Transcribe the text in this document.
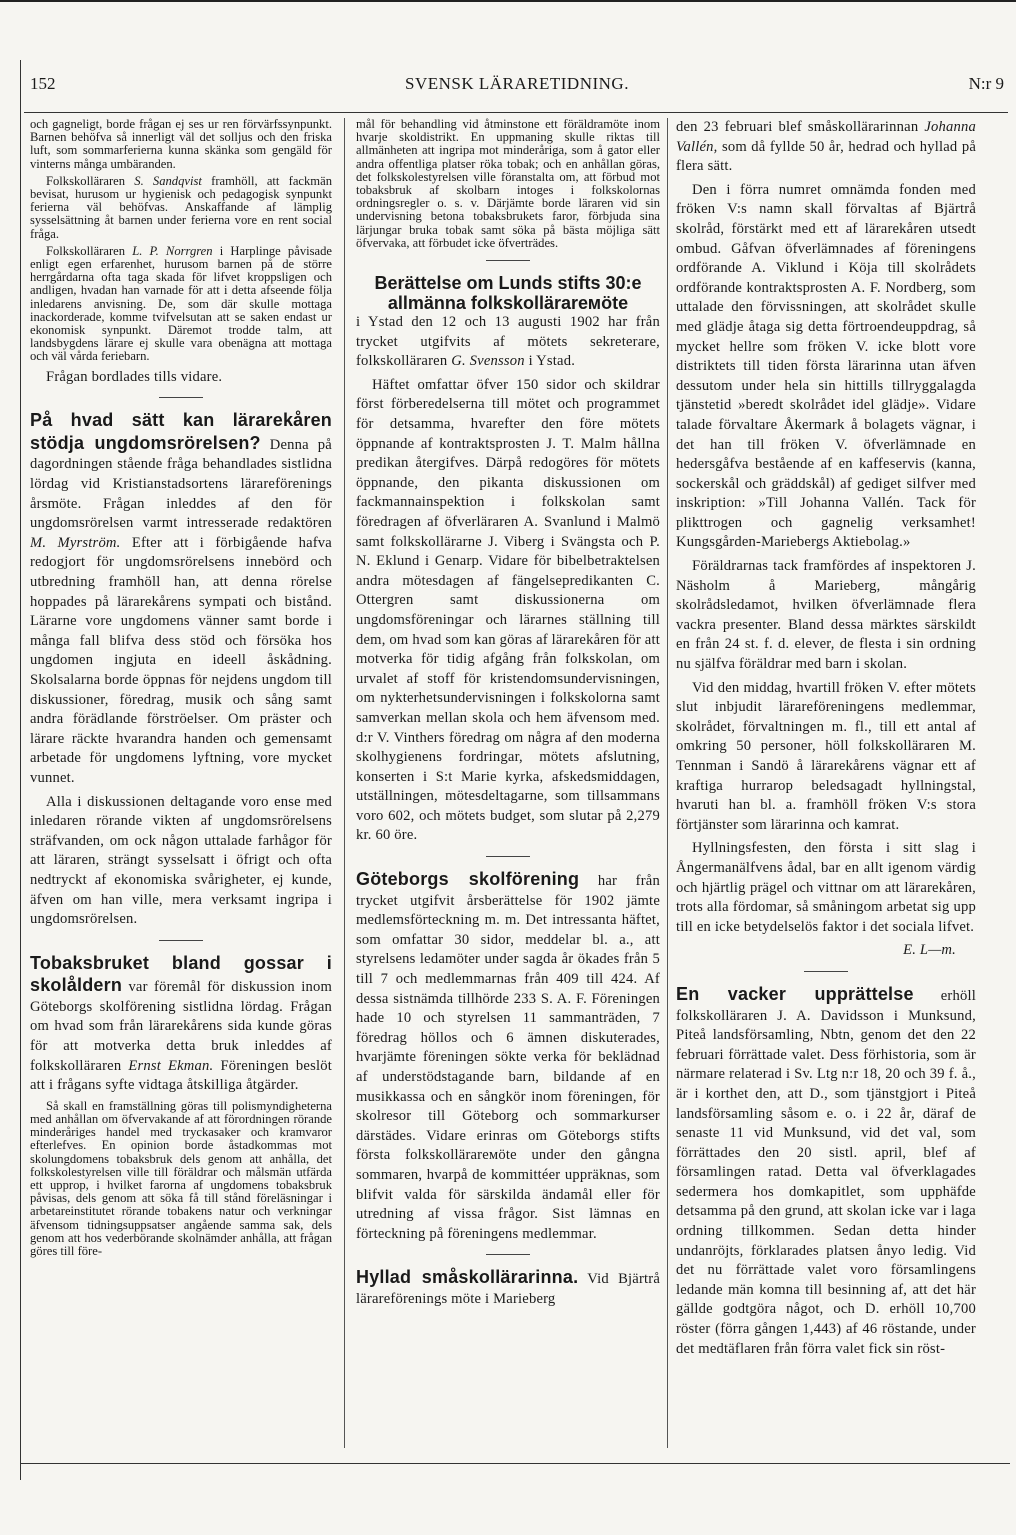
152	SVENSK LÄRARETIDNING.	N:r 9

och gagneligt, borde frågan ej ses ur ren förvärfssynpunkt. Barnen behöfva så innerligt väl det solljus och den friska luft, som sommarferierna kunna skänka som gengäld för vinterns många umbäranden.

Folkskolläraren S. Sandqvist framhöll, att fackmän bevisat, hurusom ur hygienisk och pedagogisk synpunkt ferierna väl behöfvas. Anskaffande af lämplig sysselsättning åt barnen under ferierna vore en rent social fråga.

Folkskolläraren L. P. Norrgren i Harplinge påvisade enligt egen erfarenhet, hurusom barnen på de större herrgårdarna ofta taga skada för lifvet kroppsligen och andligen, hvadan han varnade för att i detta afseende följa inledarens anvisning. De, som där skulle mottaga inackorderade, komme tvifvelsutan att se saken endast ur ekonomisk synpunkt. Däremot trodde talm, att landsbygdens lärare ej skulle vara obenägna att mottaga och väl vårda feriebarn.

Frågan bordlades tills vidare.

På hvad sätt kan lärarekåren stödja ungdomsrörelsen? Denna på dagordningen stående fråga behandlades sistlidna lördag vid Kristianstadsortens lärareförenings årsmöte. Frågan inleddes af den för ungdomsrörelsen varmt intresserade redaktören M. Myrström. Efter att i förbigående hafva redogjort för ungdomsrörelsens innebörd och utbredning framhöll han, att denna rörelse hoppades på lärarekårens sympati och bistånd. Lärarne vore ungdomens vänner samt borde i många fall blifva dess stöd och försöka hos ungdomen ingjuta en ideell åskådning. Skolsalarna borde öppnas för nejdens ungdom till diskussioner, föredrag, musik och sång samt andra förädlande förströelser. Om präster och lärare räckte hvarandra handen och gemensamt arbetade för ungdomens lyftning, vore mycket vunnet.

Alla i diskussionen deltagande voro ense med inledaren rörande vikten af ungdomsrörelsens sträfvanden, om ock någon uttalade farhågor för att läraren, strängt sysselsatt i öfrigt och ofta nedtryckt af ekonomiska svårigheter, ej kunde, äfven om han ville, mera verksamt ingripa i ungdomsrörelsen.

Tobaksbruket bland gossar i skolåldern var föremål för diskussion inom Göteborgs skolförening sistlidna lördag. Frågan om hvad som från lärarekårens sida kunde göras för att motverka detta bruk inleddes af folkskolläraren Ernst Ekman. Föreningen beslöt att i frågans syfte vidtaga åtskilliga åtgärder.

Så skall en framställning göras till polismyndigheterna med anhållan om öfvervakande af att förordningen rörande minderåriges handel med tryckasaker och kramvaror efterlefves. En opinion borde åstadkommas mot skolungdomens tobaksbruk dels genom att anhålla, det folkskolestyrelsen ville till föräldrar och målsmän utfärda ett upprop, i hvilket farorna af ungdomens tobaksbruk påvisas, dels genom att söka få till stånd föreläsningar i arbetareinstitutet rörande tobakens natur och verkningar äfvensom tidningsuppsatser angående samma sak, dels genom att hos vederbörande skolnämder anhålla, att frågan göres till före-

mål för behandling vid åtminstone ett föräldramöte inom hvarje skoldistrikt. En uppmaning skulle riktas till allmänheten att ingripa mot minderåriga, som å gator eller andra offentliga platser röka tobak; och en anhållan göras, det folkskolestyrelsen ville föranstalta om, att förbud mot tobaksbruk af skolbarn intoges i folkskolornas ordningsregler o. s. v. Därjämte borde läraren vid sin undervisning betona tobaksbrukets faror, förbjuda sina lärjungar bruka tobak samt söka på bästa möjliga sätt öfvervaka, att förbudet icke öfverträdes.

Berättelse om Lunds stifts 30:e allmänna folkskollärarемöte

i Ystad den 12 och 13 augusti 1902 har från trycket utgifvits af mötets sekreterare, folkskolläraren G. Svensson i Ystad.

Häftet omfattar öfver 150 sidor och skildrar först förberedelserna till mötet och programmet för detsamma, hvarefter den före mötets öppnande af kontraktsprosten J. T. Malm hållna predikan återgifves. Därpå redogöres för mötets öppnande, den pikanta diskussionen om fackmannainspektion i folkskolan samt föredragen af öfverläraren A. Svanlund i Malmö samt folkskollärarne J. Viberg i Svängsta och P. N. Eklund i Genarp. Vidare för bibelbetraktelsen andra mötesdagen af fängelsepredikanten C. Ottergren samt diskussionerna om ungdomsföreningar och lärarnes ställning till dem, om hvad som kan göras af lärarekåren för att motverka för tidig afgång från folkskolan, om urvalet af stoff för kristendomsundervisningen, om nykterhetsundervisningen i folkskolorna samt samverkan mellan skola och hem äfvensom med. d:r V. Vinthers föredrag om några af den moderna skolhygienens fordringar, mötets afslutning, konserten i S:t Marie kyrka, afskedsmiddagen, utställningen, mötesdeltagarne, som tillsammans voro 602, och mötets budget, som slutar på 2,279 kr. 60 öre.

Göteborgs skolförening har från trycket utgifvit årsberättelse för 1902 jämte medlemsförteckning m. m. Det intressanta häftet, som omfattar 30 sidor, meddelar bl. a., att styrelsens ledamöter under sagda år ökades från 5 till 7 och medlemmarnas från 409 till 424. Af dessa sistnämda tillhörde 233 S. A. F. Föreningen hade 10 och styrelsen 11 sammanträden, 7 föredrag höllos och 6 ämnen diskuterades, hvarjämte föreningen sökte verka för beklädnad af understödstagande barn, bildande af en musikkassa och en sångkör inom föreningen, för skolresor till Göteborg och sommarkurser därstädes. Vidare erinras om Göteborgs stifts första folkskollärarемöte under den gångna sommaren, hvarpå de kommittéer uppräknas, som blifvit valda för särskilda ändamål eller för utredning af vissa frågor. Sist lämnas en förteckning på föreningens medlemmar.

Hyllad småskollärarinna. Vid Bjärtrå lärareförenings möte i Marieberg

den 23 februari blef småskollärarinnan Johanna Vallén, som då fyllde 50 år, hedrad och hyllad på flera sätt.

Den i förra numret omnämda fonden med fröken V:s namn skall förvaltas af Bjärtrå skolråd, förstärkt med ett af lärarekåren utsedt ombud. Gåfvan öfverlämnades af föreningens ordförande A. Viklund i Köja till skolrådets ordförande kontraktsprosten A. F. Nordberg, som uttalade den förvissningen, att skolrådet skulle med glädje åtaga sig detta förtroendeuppdrag, så mycket hellre som fröken V. icke blott vore distriktets till tiden första lärarinna utan äfven dessutom under hela sin hittills tillryggalagda tjänstetid »beredt skolrådet idel glädje». Vidare talade förvaltare Åkermark å bolagets vägnar, i det han till fröken V. öfverlämnade en hedersgåfva bestående af en kaffeservis (kanna, sockerskål och gräddskål) af gediget silfver med inskription: »Till Johanna Vallén. Tack för plikttrogen och gagnelig verksamhet! Kungsgården-Mariebergs Aktiebolag.»

Föräldrarnas tack framfördes af inspektoren J. Näsholm å Marieberg, mångårig skolrådsledamot, hvilken öfverlämnade flera vackra presenter. Bland dessa märktes särskildt en från 24 st. f. d. elever, de flesta i sin ordning nu själfva föräldrar med barn i skolan.

Vid den middag, hvartill fröken V. efter mötets slut inbjudit lärareföreningens medlemmar, skolrådet, förvaltningen m. fl., till ett antal af omkring 50 personer, höll folkskolläraren M. Tennman i Sandö å lärarekårens vägnar ett af kraftiga hurrarop beledsagadt hyllningstal, hvaruti han bl. a. framhöll fröken V:s stora förtjänster som lärarinna och kamrat.

Hyllningsfesten, den första i sitt slag i Ångermanälfvens ådal, bar en allt igenom värdig och hjärtlig prägel och vittnar om att lärarekåren, trots alla fördomar, så småningom arbetat sig upp till en icke betydelselös faktor i det sociala lifvet.

E. L—m.

En vacker upprättelse erhöll folkskolläraren J. A. Davidsson i Munksund, Piteå landsförsamling, Nbtn, genom det den 22 februari förrättade valet. Dess förhistoria, som är närmare relaterad i Sv. Ltg n:r 18, 20 och 39 f. å., är i korthet den, att D., som tjänstgjort i Piteå landsförsamling såsom e. o. i 22 år, däraf de senaste 11 vid Munksund, vid det val, som förrättades den 20 sistl. april, blef af församlingen ratad. Detta val öfverklagades sedermera hos domkapitlet, som upphäfde detsamma på den grund, att skolan icke var i laga ordning tillkommen. Sedan detta hinder undanröjts, förklarades platsen ånyo ledig. Vid det nu förrättade valet voro församlingens ledande män komna till besinning af, att det här gällde godtgöra något, och D. erhöll 10,700 röster (förra gången 1,443) af 46 röstande, under det medtäflaren från förra valet fick sin röst-
